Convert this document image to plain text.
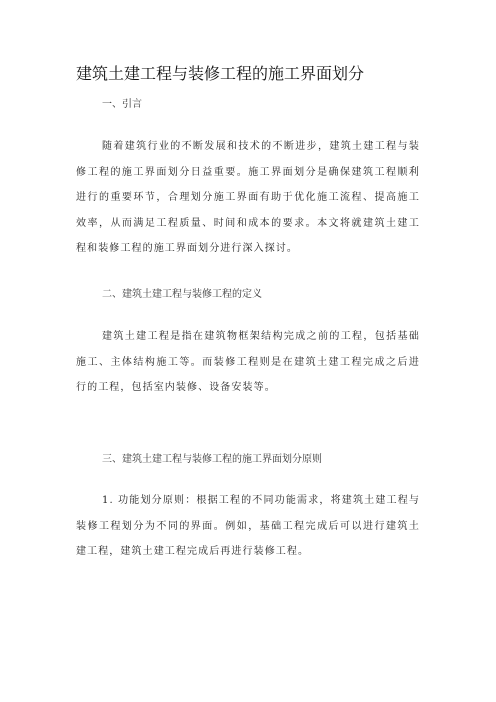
建筑土建工程与装修工程的施工界面划分
一、引言
随着建筑行业的不断发展和技术的不断进步，建筑土建工程与装修工程的施工界面划分日益重要。施工界面划分是确保建筑工程顺利进行的重要环节，合理划分施工界面有助于优化施工流程、提高施工效率，从而满足工程质量、时间和成本的要求。本文将就建筑土建工程和装修工程的施工界面划分进行深入探讨。
二、建筑土建工程与装修工程的定义
建筑土建工程是指在建筑物框架结构完成之前的工程，包括基础施工、主体结构施工等。而装修工程则是在建筑土建工程完成之后进行的工程，包括室内装修、设备安装等。
三、建筑土建工程与装修工程的施工界面划分原则
1. 功能划分原则：根据工程的不同功能需求，将建筑土建工程与装修工程划分为不同的界面。例如，基础工程完成后可以进行建筑土建工程，建筑土建工程完成后再进行装修工程。
